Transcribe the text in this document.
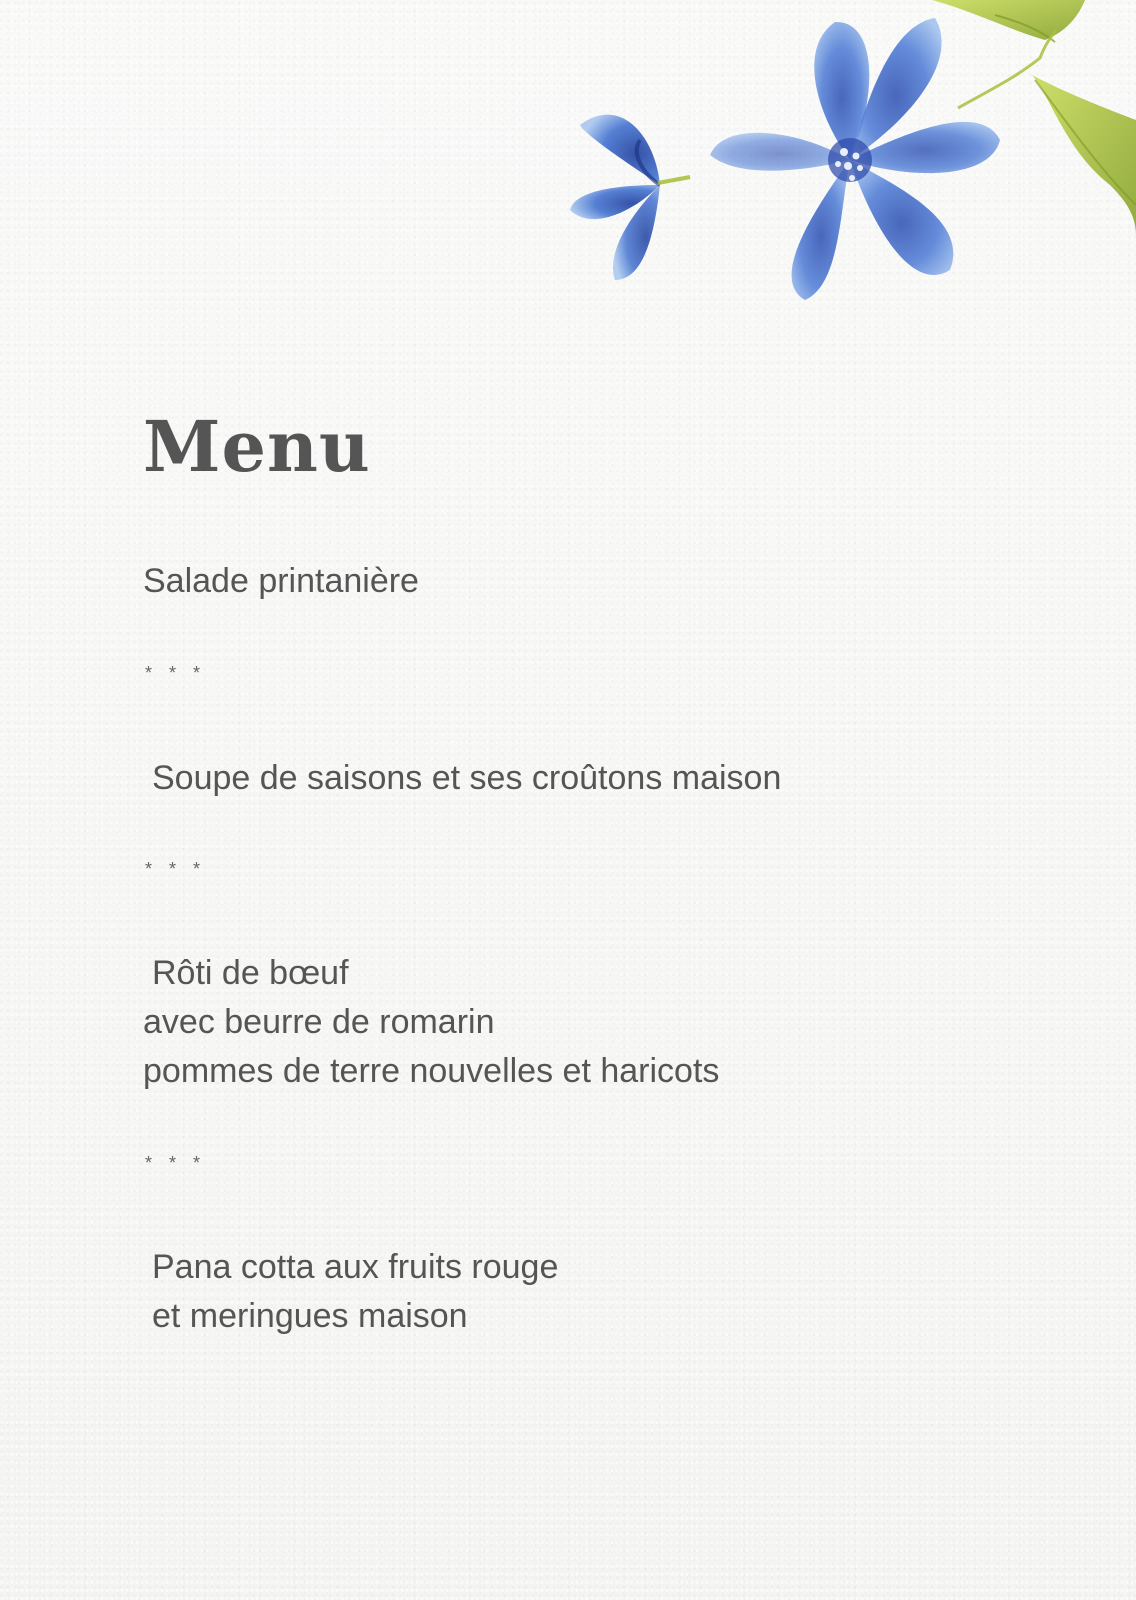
Menu

Salade printanière

* * *

Soupe de saisons et ses croûtons maison

* * *

Rôti de bœuf

avec beurre de romarin

pommes de terre nouvelles et haricots

* * *

Pana cotta aux fruits rouge

et meringues maison
